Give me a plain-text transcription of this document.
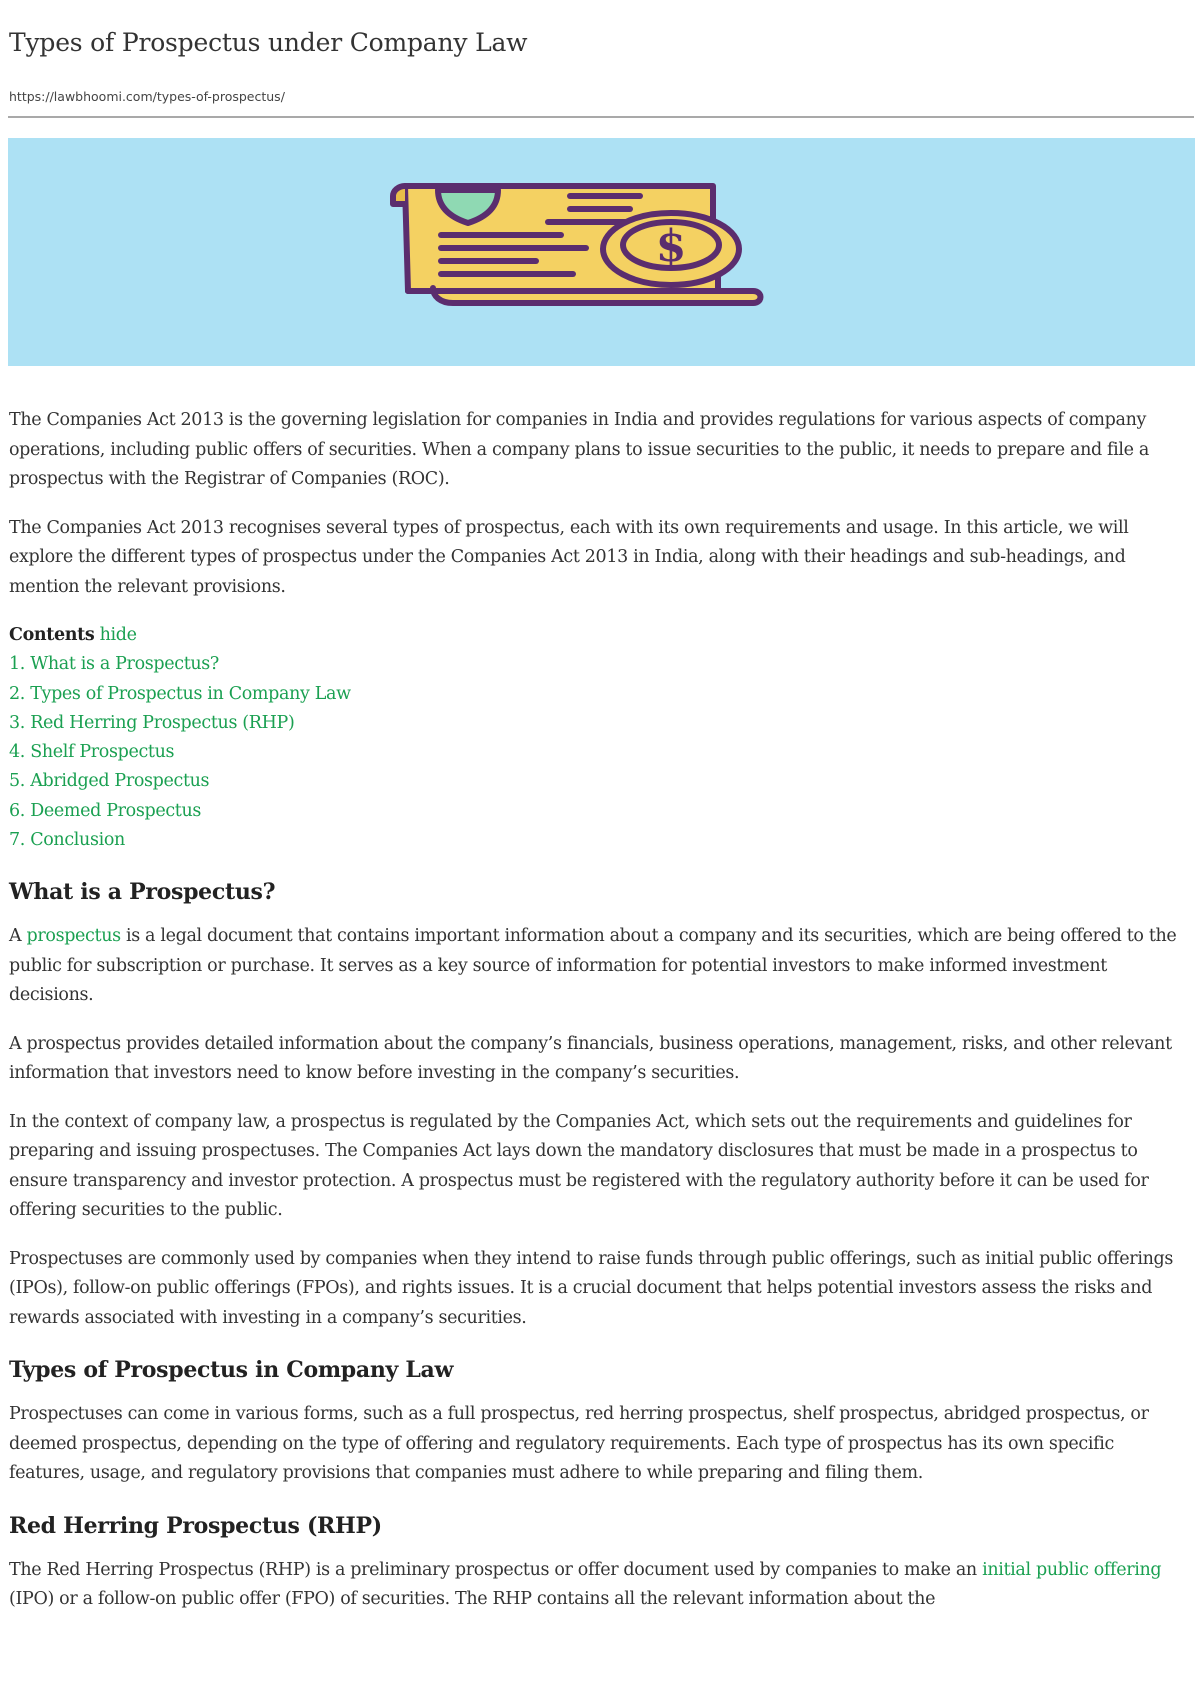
Types of Prospectus under Company Law
https://lawbhoomi.com/types-of-prospectus/
$

The Companies Act 2013 is the governing legislation for companies in India and provides regulations for various aspects of company operations, including public offers of securities. When a company plans to issue securities to the public, it needs to prepare and file a prospectus with the Registrar of Companies (ROC).

The Companies Act 2013 recognises several types of prospectus, each with its own requirements and usage. In this article, we will explore the different types of prospectus under the Companies Act 2013 in India, along with their headings and sub-headings, and mention the relevant provisions.

Contents hide
1. What is a Prospectus?
2. Types of Prospectus in Company Law
3. Red Herring Prospectus (RHP)
4. Shelf Prospectus
5. Abridged Prospectus
6. Deemed Prospectus
7. Conclusion
What is a Prospectus?

A prospectus is a legal document that contains important information about a company and its securities, which are being offered to the public for subscription or purchase. It serves as a key source of information for potential investors to make informed investment decisions.

A prospectus provides detailed information about the company’s financials, business operations, management, risks, and other relevant information that investors need to know before investing in the company’s securities.

In the context of company law, a prospectus is regulated by the Companies Act, which sets out the requirements and guidelines for preparing and issuing prospectuses. The Companies Act lays down the mandatory disclosures that must be made in a prospectus to ensure transparency and investor protection. A prospectus must be registered with the regulatory authority before it can be used for offering securities to the public.

Prospectuses are commonly used by companies when they intend to raise funds through public offerings, such as initial public offerings (IPOs), follow-on public offerings (FPOs), and rights issues. It is a crucial document that helps potential investors assess the risks and rewards associated with investing in a company’s securities.

Types of Prospectus in Company Law

Prospectuses can come in various forms, such as a full prospectus, red herring prospectus, shelf prospectus, abridged prospectus, or deemed prospectus, depending on the type of offering and regulatory requirements. Each type of prospectus has its own specific features, usage, and regulatory provisions that companies must adhere to while preparing and filing them.

Red Herring Prospectus (RHP)

The Red Herring Prospectus (RHP) is a preliminary prospectus or offer document used by companies to make an initial public offering (IPO) or a follow-on public offer (FPO) of securities. The RHP contains all the relevant information about the
